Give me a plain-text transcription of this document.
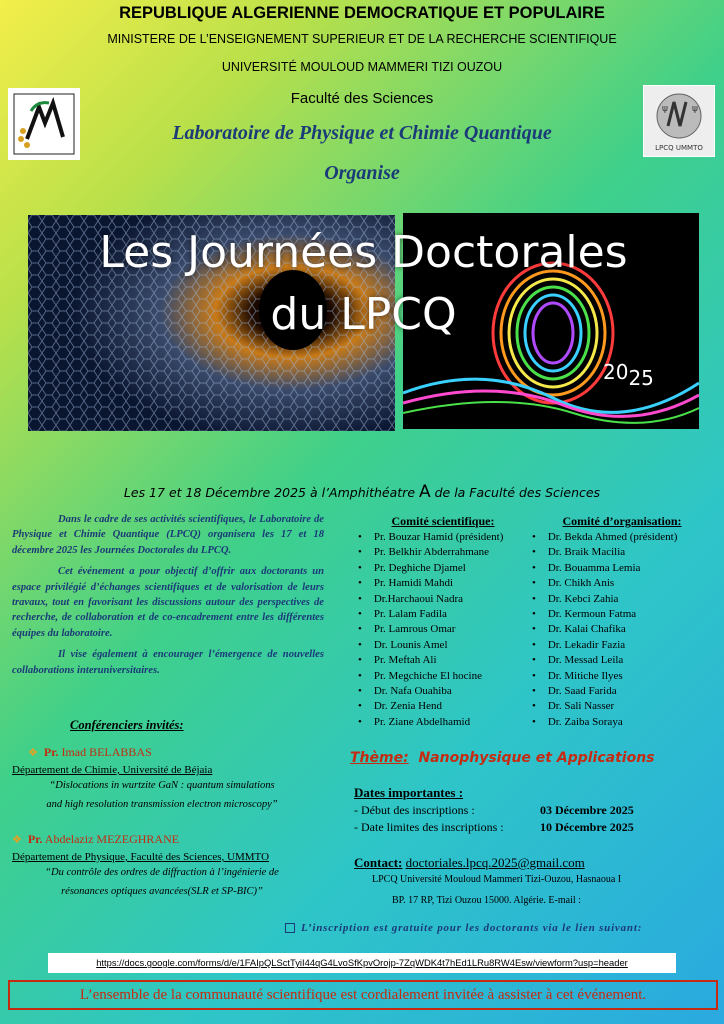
REPUBLIQUE ALGERIENNE DEMOCRATIQUE ET POPULAIRE
MINISTERE DE L’ENSEIGNEMENT SUPERIEUR ET DE LA RECHERCHE SCIENTIFIQUE
UNIVERSITÉ MOULOUD MAMMERI TIZI OUZOU
Faculté des Sciences
Laboratoire de Physique et Chimie Quantique
Organise
ψ	ψ
LPCQ UMMTO
Les Journées Doctorales
du LPCQ
2025
Les 17 et 18 Décembre 2025 à l’Amphithéatre A de la Faculté des Sciences

Dans le cadre de ses activités scientifiques, le Laboratoire de Physique et Chimie Quantique (LPCQ) organisera les 17 et 18 décembre 2025 les Journées Doctorales du LPCQ.

Cet événement a pour objectif d’offrir aux doctorants un espace privilégié d’échanges scientifiques et de valorisation de leurs travaux, tout en favorisant les discussions autour des perspectives de recherche, de collaboration et de co-encadrement entre les différentes équipes du laboratoire.

Il vise également à encourager l’émergence de nouvelles collaborations interuniversitaires.

Conférenciers invités:
❖ Pr. Imad BELABBAS
Département de Chimie, Université de Béjaia
“Dislocations in wurtzite GaN : quantum simulations
and high resolution transmission electron microscopy”
❖ Pr. Abdelaziz MEZEGHRANE
Département de Physique, Faculté des Sciences, UMMTO
“Du contrôle des ordres de diffraction à l’ingénierie de
résonances optiques avancées(SLR et SP-BIC)”
Comité scientifique:
• Pr. Bouzar Hamid (président)
• Pr. Belkhir Abderrahmane
• Pr. Deghiche Djamel
• Pr. Hamidi Mahdi
• Dr.Harchaoui Nadra
• Pr. Lalam Fadila
• Pr. Lamrous Omar
• Dr. Lounis Amel
• Pr. Meftah Ali
• Pr. Megchiche El hocine
• Dr. Nafa Ouahiba
• Dr. Zenia Hend
• Pr. Ziane Abdelhamid
Comité d’organisation:
• Dr. Bekda Ahmed (président)
• Dr. Braik Macilia
• Dr. Bouamma Lemia
• Dr. Chikh Anis
• Dr. Kebci Zahia
• Dr. Kermoun Fatma
• Dr. Kalai Chafika
• Dr. Lekadir Fazia
• Dr. Messad Leila
• Dr. Mitiche Ilyes
• Dr. Saad Farida
• Dr. Sali Nasser
• Dr. Zaiba Soraya
Thème: Nanophysique et Applications
Dates importantes :
- Début des inscriptions :	03 Décembre 2025
- Date limites des inscriptions :	10 Décembre 2025
Contact: doctoriales.lpcq.2025@gmail.com
LPCQ Université Mouloud Mammeri Tizi-Ouzou, Hasnaoua I
BP. 17 RP, Tizi Ouzou 15000. Algérie. E-mail :
L’inscription est gratuite pour les doctorants via le lien suivant:
https://docs.google.com/forms/d/e/1FAIpQLSctTyiI44qG4LvoSfKpvOrojp-7ZqWDK4t7hEd1LRu8RW4Esw/viewform?usp=header
L’ensemble de la communauté scientifique est cordialement invitée à assister à cet événement.
